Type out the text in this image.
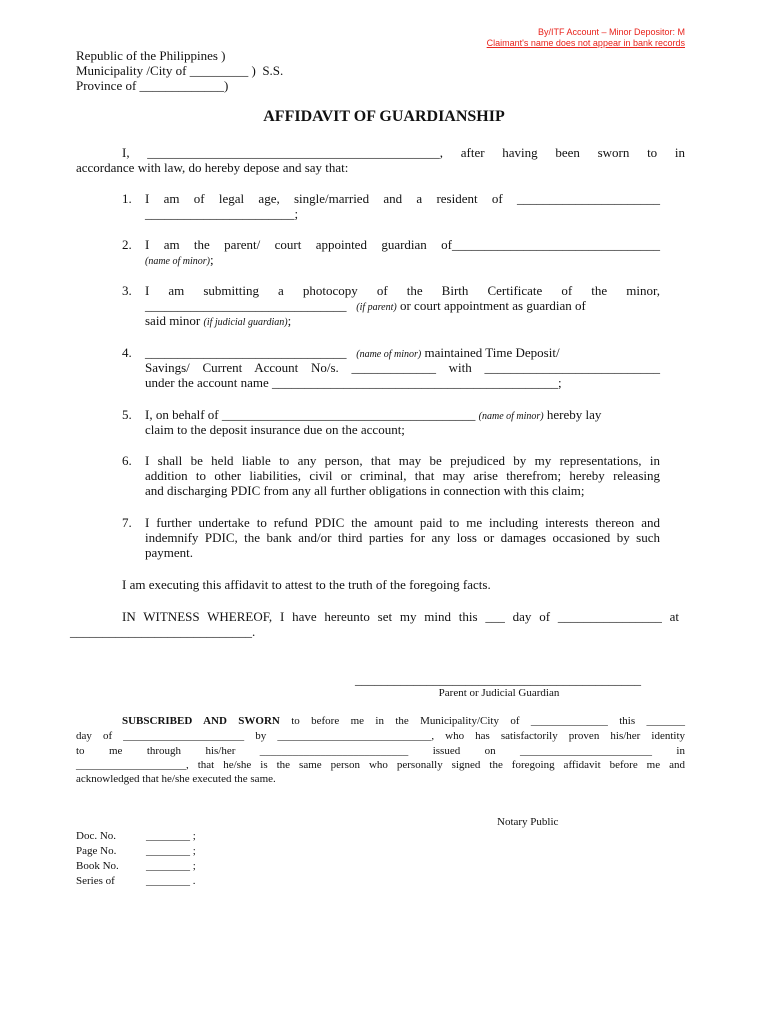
By/ITF Account – Minor Depositor: M
Claimant's name does not appear in bank records
Republic of the Philippines )
Municipality /City of _________ )  S.S.
Province of _____________)
AFFIDAVIT OF GUARDIANSHIP
I, _____________________________________________, after having been sworn to in
accordance with law, do hereby depose and say that:
1. I am of legal age, single/married and a resident of ______________________
_______________________;
2. I am the parent/ court appointed guardian of________________________________
(name of minor);
3. I am submitting a photocopy of the Birth Certificate of the minor,
_______________________________ (if parent) or court appointment as guardian of
said minor (if judicial guardian);
4. _______________________________ (name of minor) maintained Time Deposit/
Savings/ Current Account No/s. _____________ with ___________________________
under the account name ____________________________________________;
5. I, on behalf of _______________________________________ (name of minor) hereby lay
claim to the deposit insurance due on the account;
6. I shall be held liable to any person, that may be prejudiced by my representations, in
addition to other liabilities, civil or criminal, that may arise therefrom; hereby releasing
and discharging PDIC from any all further obligations in connection with this claim;
7. I further undertake to refund PDIC the amount paid to me including interests thereon and
indemnify PDIC, the bank and/or third parties for any loss or damages occasioned by such
payment.
I am executing this affidavit to attest to the truth of the foregoing facts.
IN WITNESS WHEREOF, I have hereunto set my mind this ___ day of ________________ at
____________________________.
____________________________________________
Parent or Judicial Guardian
SUBSCRIBED AND SWORN to before me in the Municipality/City of ______________ this _______
day of ______________________ by ____________________________, who has satisfactorily proven his/her identity
to me through his/her ___________________________ issued on ________________________ in
____________________, that he/she is the same person who personally signed the foregoing affidavit before me and
acknowledged that he/she executed the same.
Notary Public
Doc. No.	________ ;
Page No.	________ ;
Book No. ________ ;
Series of	________ .
